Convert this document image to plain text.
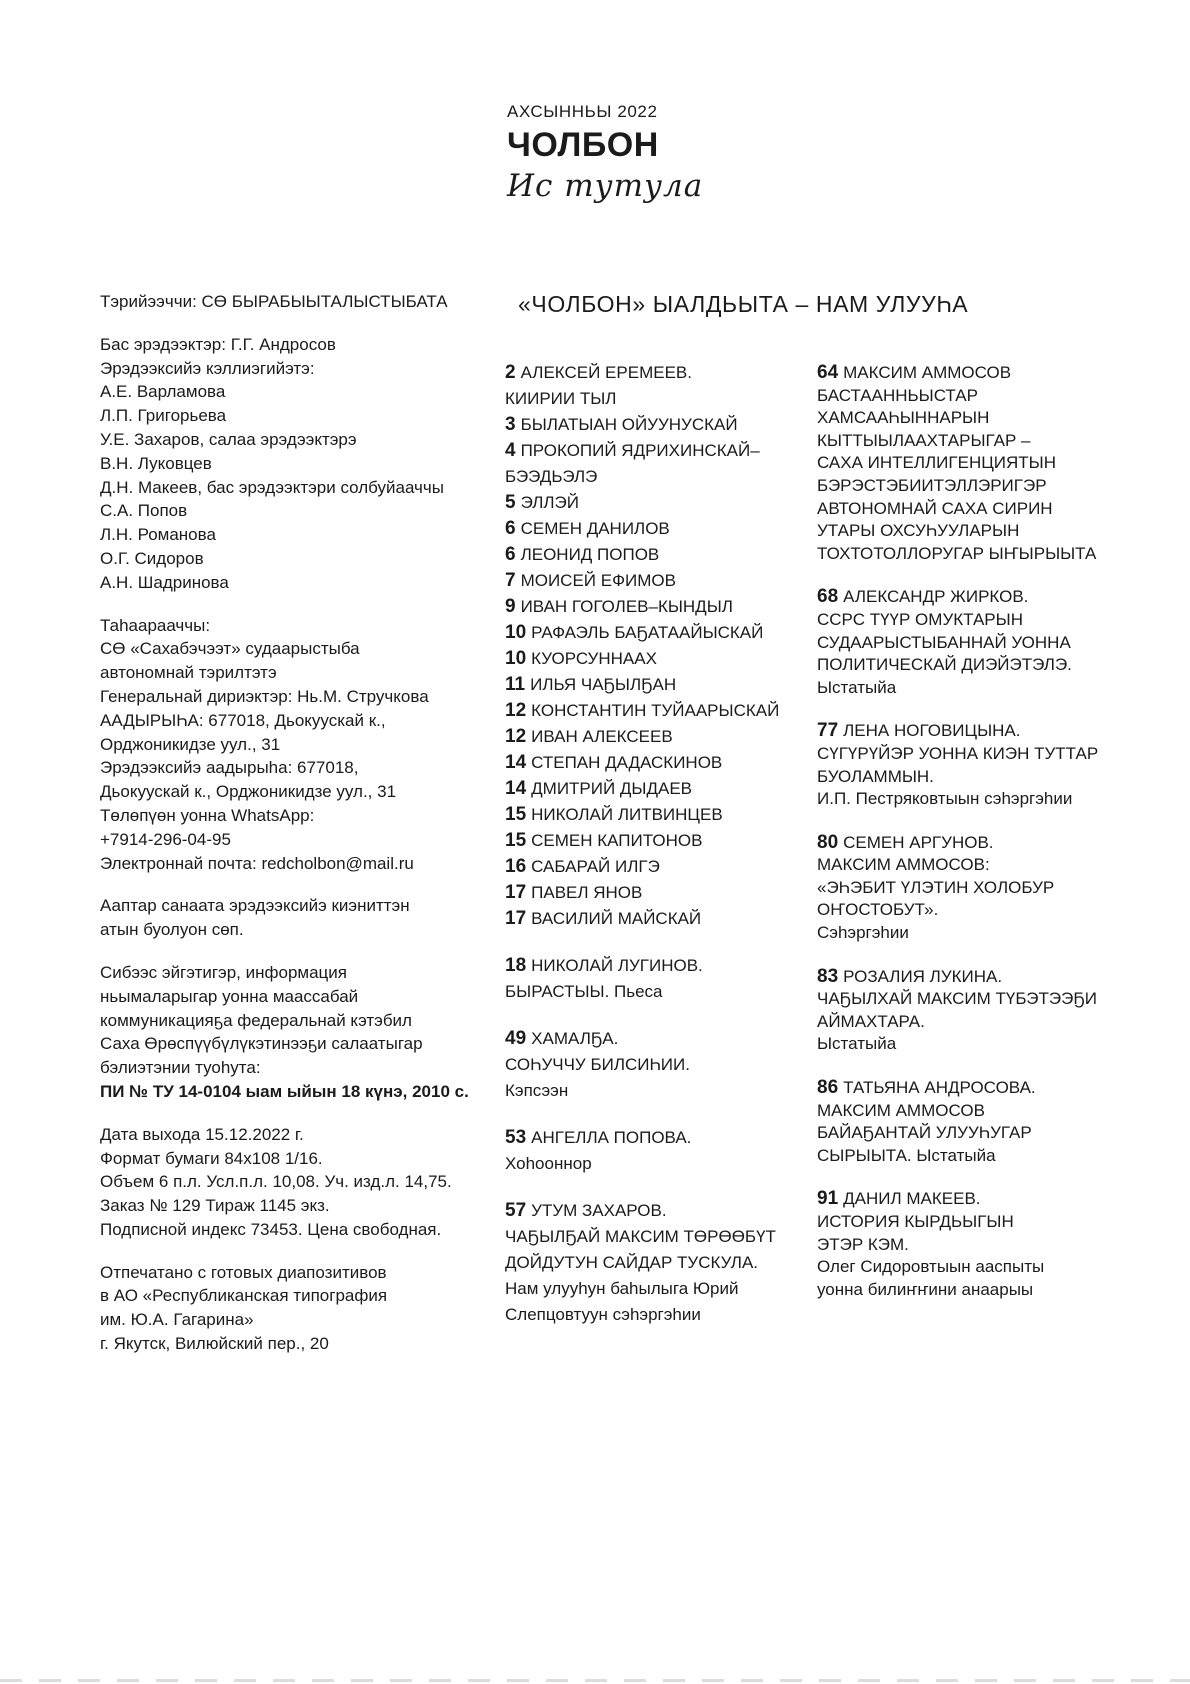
АХСЫННЬЫ 2022
ЧОЛБОН
Ис тутула
Тэрийээччи: СӨ БЫРАБЫЫТАЛЫСТЫБАТА
Бас эрэдээктэр: Г.Г. Андросов
Эрэдээксийэ кэллиэгийэтэ:
А.Е. Варламова
Л.П. Григорьева
У.Е. Захаров, салаа эрэдээктэрэ
В.Н. Луковцев
Д.Н. Макеев, бас эрэдээктэри солбуйааччы
С.А. Попов
Л.Н. Романова
О.Г. Сидоров
А.Н. Шадринова
Таһаарааччы:
СӨ «Сахабэчээт» судаарыстыба
автономнай тэрилтэтэ
Генеральнай дириэктэр: Нь.М. Стручкова
ААДЫРЫҺА: 677018, Дьокуускай к.,
Орджоникидзе уул., 31
Эрэдээксийэ аадырыһа: 677018,
Дьокуускай к., Орджоникидзе уул., 31
Төлөпүөн уонна WhatsApp:
+7914-296-04-95
Электроннай почта: redcholbon@mail.ru
Ааптар санаата эрэдээксийэ киэниттэн
атын буолуон сөп.
Сибээс эйгэтигэр, информация
ньымаларыгар уонна маассабай
коммуникацияҕа федеральнай кэтэбил
Саха Өрөспүүбүлүкэтинээҕи салаатыгар
бэлиэтэнии туоһута:
ПИ № ТУ 14-0104 ыам ыйын 18 күнэ, 2010 с.
Дата выхода 15.12.2022 г.
Формат бумаги 84х108 1/16.
Объем 6 п.л. Усл.п.л. 10,08. Уч. изд.л. 14,75.
Заказ № 129 Тираж 1145 экз.
Подписной индекс 73453. Цена свободная.
Отпечатано с готовых диапозитивов
в АО «Республиканская типография
им. Ю.А. Гагарина»
г. Якутск, Вилюйский пер., 20
«ЧОЛБОН» ЫАЛДЬЫТА – НАМ УЛУУҺА
2 АЛЕКСЕЙ ЕРЕМЕЕВ.
КИИРИИ ТЫЛ
3 БЫЛАТЫАН ОЙУУНУСКАЙ
4 ПРОКОПИЙ ЯДРИХИНСКАЙ–
БЭЭДЬЭЛЭ
5 ЭЛЛЭЙ
6 СЕМЕН ДАНИЛОВ
6 ЛЕОНИД ПОПОВ
7 МОИСЕЙ ЕФИМОВ
9 ИВАН ГОГОЛЕВ–КЫНДЫЛ
10 РАФАЭЛЬ БАҔАТААЙЫСКАЙ
10 КУОРСУННААХ
11 ИЛЬЯ ЧАҔЫЛҔАН
12 КОНСТАНТИН ТУЙААРЫСКАЙ
12 ИВАН АЛЕКСЕЕВ
14 СТЕПАН ДАДАСКИНОВ
14 ДМИТРИЙ ДЫДАЕВ
15 НИКОЛАЙ ЛИТВИНЦЕВ
15 СЕМЕН КАПИТОНОВ
16 САБАРАЙ ИЛГЭ
17 ПАВЕЛ ЯНОВ
17 ВАСИЛИЙ МАЙСКАЙ
18 НИКОЛАЙ ЛУГИНОВ.
БЫРАСТЫЫ. Пьеса
49 ХАМАЛҔА.
СОҺУЧЧУ БИЛСИҺИИ.
Кэпсээн
53 АНГЕЛЛА ПОПОВА.
Хоһооннор
57 УТУМ ЗАХАРОВ.
ЧАҔЫЛҔАЙ МАКСИМ ТӨРӨӨБҮТ
ДОЙДУТУН САЙДАР ТУСКУЛА.
Нам улууһун баһылыга Юрий
Слепцовтуун сэһэргэһии
64 МАКСИМ АММОСОВ
БАСТААННЬЫСТАР
ХАМСААҺЫННАРЫН
КЫТТЫЫЛААХТАРЫГАР –
САХА ИНТЕЛЛИГЕНЦИЯТЫН
БЭРЭСТЭБИИТЭЛЛЭРИГЭР
АВТОНОМНАЙ САХА СИРИН
УТАРЫ ОХСУҺУУЛАРЫН
ТОХТОТОЛЛОРУГАР ЫҤЫРЫЫТА
68 АЛЕКСАНДР ЖИРКОВ.
ССРС ТҮҮР ОМУКТАРЫН
СУДААРЫСТЫБАННАЙ УОННА
ПОЛИТИЧЕСКАЙ ДИЭЙЭТЭЛЭ.
Ыстатыйа
77 ЛЕНА НОГОВИЦЫНА.
СҮГҮРҮЙЭР УОННА КИЭН ТУТТАР
БУОЛАММЫН.
И.П. Пестряковтыын сэһэргэһии
80 СЕМЕН АРГУНОВ.
МАКСИМ АММОСОВ:
«ЭҺЭБИТ ҮЛЭТИН ХОЛОБУР
ОҤОСТОБУТ».
Сэһэргэһии
83 РОЗАЛИЯ ЛУКИНА.
ЧАҔЫЛХАЙ МАКСИМ ТҮБЭТЭЭҔИ
АЙМАХТАРА.
Ыстатыйа
86 ТАТЬЯНА АНДРОСОВА.
МАКСИМ АММОСОВ
БАЙАҔАНТАЙ УЛУУҺУГАР
СЫРЫЫТА. Ыстатыйа
91 ДАНИЛ МАКЕЕВ.
ИСТОРИЯ КЫРДЬЫГЫН
ЭТЭР КЭМ.
Олег Сидоровтыын ааспыты
уонна билиҥҥини анаарыы
